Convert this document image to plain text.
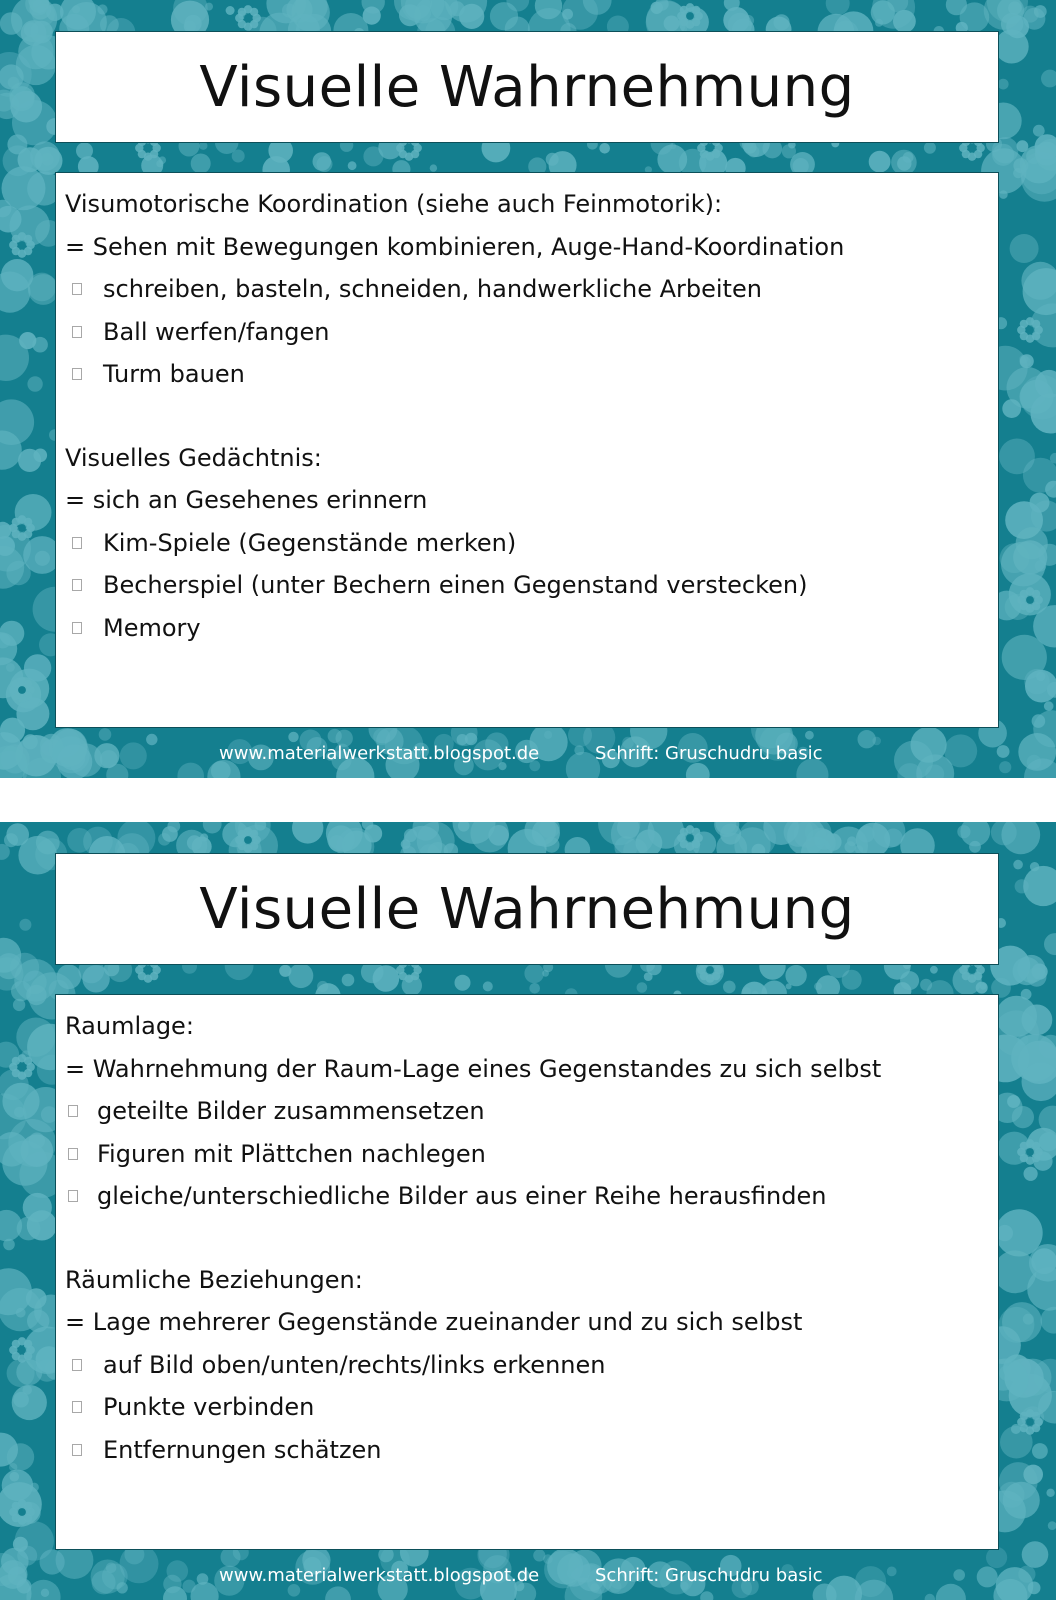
Visuelle Wahrnehmung
Visumotorische Koordination (siehe auch Feinmotorik):
= Sehen mit Bewegungen kombinieren, Auge-Hand-Koordination
schreiben, basteln, schneiden, handwerkliche Arbeiten
Ball werfen/fangen
Turm bauen
Visuelles Gedächtnis:
= sich an Gesehenes erinnern
Kim-Spiele (Gegenstände merken)
Becherspiel (unter Bechern einen Gegenstand verstecken)
Memory
www.materialwerkstatt.blogspot.de	Schrift: Gruschudru basic
Visuelle Wahrnehmung
Raumlage:
= Wahrnehmung der Raum-Lage eines Gegenstandes zu sich selbst
geteilte Bilder zusammensetzen
Figuren mit Plättchen nachlegen
gleiche/unterschiedliche Bilder aus einer Reihe herausfinden
Räumliche Beziehungen:
= Lage mehrerer Gegenstände zueinander und zu sich selbst
auf Bild oben/unten/rechts/links erkennen
Punkte verbinden
Entfernungen schätzen
www.materialwerkstatt.blogspot.de	Schrift: Gruschudru basic
